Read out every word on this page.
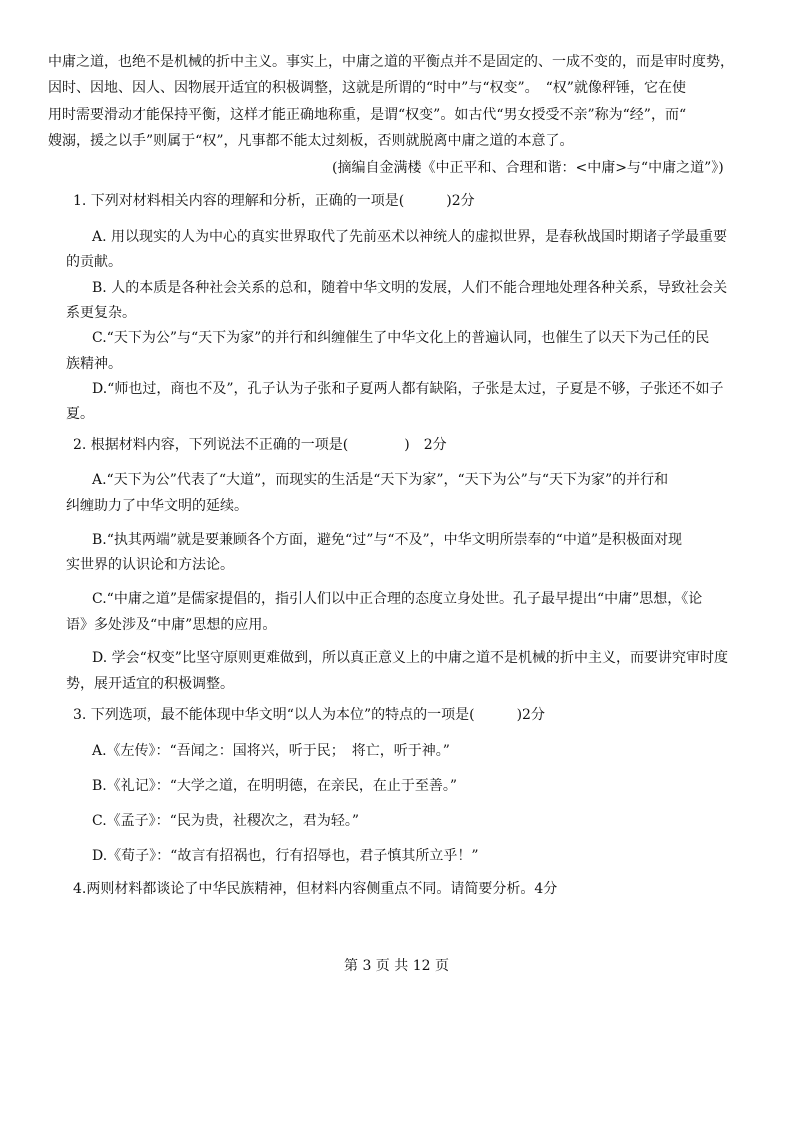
中庸之道，也绝不是机械的折中主义。事实上，中庸之道的平衡点并不是固定的、一成不变的，而是审时度势，
因时、因地、因人、因物展开适宜的积极调整，这就是所谓的“时中”与“权变”。　“权”就像秤锤，它在使
用时需要滑动才能保持平衡，这样才能正确地称重，是谓“权变”。如古代“男女授受不亲”称为“经”，而“
嫂溺，援之以手”则属于“权”，凡事都不能太过刻板，否则就脱离中庸之道的本意了。
(摘编自金满楼《中正平和、合理和谐：<中庸>与“中庸之道”》)
1. 下列对材料相关内容的理解和分析，正确的一项是(　　　)2分
A. 用以现实的人为中心的真实世界取代了先前巫术以神统人的虚拟世界，是春秋战国时期诸子学最重要
的贡献。
B. 人的本质是各种社会关系的总和，随着中华文明的发展，人们不能合理地处理各种关系，导致社会关
系更复杂。
C.“天下为公”与“天下为家”的并行和纠缠催生了中华文化上的普遍认同，也催生了以天下为己任的民
族精神。
D.“师也过，商也不及”，孔子认为子张和子夏两人都有缺陷，子张是太过，子夏是不够，子张还不如子
夏。
2. 根据材料内容，下列说法不正确的一项是(　　　　)　2分
A.“天下为公”代表了“大道”，而现实的生活是“天下为家”，“天下为公”与“天下为家”的并行和
纠缠助力了中华文明的延续。
B.“执其两端”就是要兼顾各个方面，避免“过”与“不及”，中华文明所崇奉的“中道”是积极面对现
实世界的认识论和方法论。
C.“中庸之道”是儒家提倡的，指引人们以中正合理的态度立身处世。孔子最早提出“中庸”思想，《论
语》多处涉及“中庸”思想的应用。
D. 学会“权变”比坚守原则更难做到，所以真正意义上的中庸之道不是机械的折中主义，而要讲究审时度
势，展开适宜的积极调整。
3. 下列选项，最不能体现中华文明“以人为本位”的特点的一项是(　　　)2分
A.《左传》：“吾闻之：国将兴，听于民；　将亡，听于神。”
B.《礼记》：“大学之道，在明明德，在亲民，在止于至善。”
C.《孟子》：“民为贵，社稷次之，君为轻。”
D.《荀子》：“故言有招祸也，行有招辱也，君子慎其所立乎！”
4.两则材料都谈论了中华民族精神，但材料内容侧重点不同。请简要分析。4分
第 3 页 共 12 页
